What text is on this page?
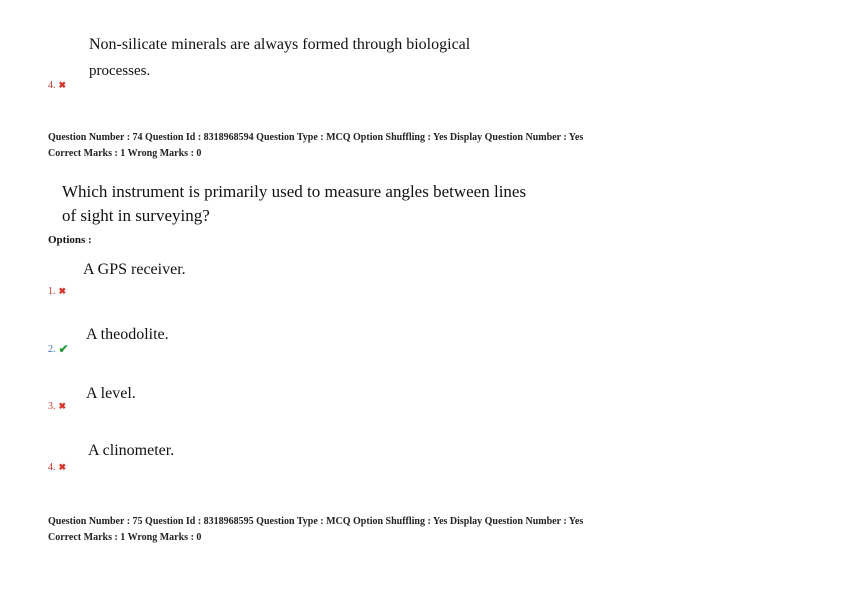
Non-silicate minerals are always formed through biological
processes.
4. ✖
Question Number : 74 Question Id : 8318968594 Question Type : MCQ Option Shuffling : Yes Display Question Number : Yes
Correct Marks : 1 Wrong Marks : 0
Which instrument is primarily used to measure angles between lines
of sight in surveying?
Options :
A GPS receiver.
1. ✖
A theodolite.
2. ✔
A level.
3. ✖
A clinometer.
4. ✖
Question Number : 75 Question Id : 8318968595 Question Type : MCQ Option Shuffling : Yes Display Question Number : Yes
Correct Marks : 1 Wrong Marks : 0
